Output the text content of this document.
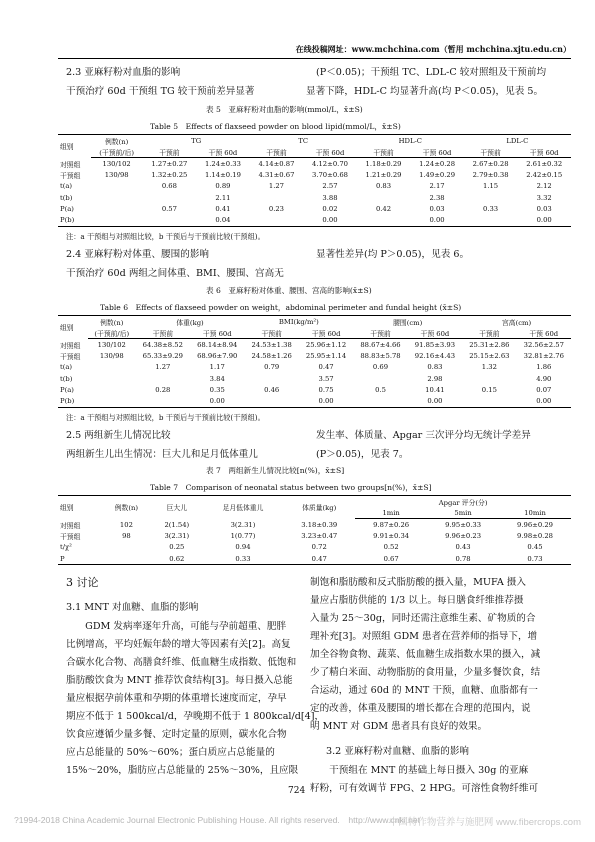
在线投稿网址：www.mchchina.com（暂用 mchchina.xjtu.edu.cn）
2.3 亚麻籽粉对血脂的影响
干预治疗 60d 干预组 TG 较干预前差异显著
(P＜0.05)；干预组 TC、LDL-C 较对照组及干预前均
显著下降，HDL-C 均显著升高(均 P＜0.05)，见表 5。
表 5　亚麻籽粉对血脂的影响(mmol/L，x̄±S)
Table 5　Effects of flaxseed powder on blood lipid(mmol/L，x̄±S)
组别	例数(n)	TG		TC		HDL-C		LDL-C	
	(干预前/后)	干预前	干预 60d	干预前	干预 60d	干预前	干预 60d	干预前	干预 60d
对照组	130/102	1.27±0.27	1.24±0.33	4.14±0.87	4.12±0.70	1.18±0.29	1.24±0.28	2.67±0.28	2.61±0.32
干预组	130/98	1.32±0.25	1.14±0.19	4.31±0.67	3.70±0.68	1.21±0.29	1.49±0.29	2.79±0.38	2.42±0.15
t(a)		0.68	0.89	1.27	2.57	0.83	2.17	1.15	2.12
t(b)			2.11		3.88		2.38		3.32
P(a)		0.57	0.41	0.23	0.02	0.42	0.03	0.33	0.03
P(b)			0.04		0.00		0.00		0.00
注：a 干预组与对照组比较，b 干预后与干预前比较(干预组)。
2.4 亚麻籽粉对体重、腰围的影响
干预治疗 60d 两组之间体重、BMI、腰围、宫高无
显著性差异(均 P＞0.05)，见表 6。
表 6　亚麻籽粉对体重、腰围、宫高的影响(x̄±S)
Table 6　Effects of flaxseed powder on weight，abdominal perimeter and fundal height (x̄±S)
组别	例数(n)	体重(kg)		BMI(kg/m²)		腰围(cm)		宫高(cm)	
	(干预前/后)	干预前	干预 60d	干预前	干预 60d	干预前	干预 60d	干预前	干预 60d
对照组	130/102	64.38±8.52	68.14±8.94	24.53±1.38	25.96±1.12	88.67±4.66	91.85±3.93	25.31±2.86	32.56±2.57
干预组	130/98	65.33±9.29	68.96±7.90	24.58±1.26	25.95±1.14	88.83±5.78	92.16±4.43	25.15±2.63	32.81±2.76
t(a)		1.27	1.17	0.79	0.47	0.69	0.83	1.32	1.86
t(b)			3.84		3.57		2.98		4.90
P(a)		0.28	0.35	0.46	0.75	0.5	10.41	0.15	0.07
P(b)			0.00		0.00		0.00		0.00
注：a 干预组与对照组比较，b 干预后与干预前比较(干预组)。
2.5 两组新生儿情况比较
两组新生儿出生情况：巨大儿和足月低体重儿
发生率、体质量、Apgar 三次评分均无统计学差异
(P＞0.05)，见表 7。
表 7　两组新生儿情况比较[n(%)，x̄±S]
Table 7　Comparison of neonatal status between two groups[n(%)，x̄±S]
组别	例数(n)	巨大儿	足月低体重儿	体质量(kg)	Apgar 评分(分)		
					1min	5min	10min
对照组	102	2(1.54)	3(2.31)	3.18±0.39	9.87±0.26	9.95±0.33	9.96±0.29
干预组	98	3(2.31)	1(0.77)	3.23±0.47	9.91±0.34	9.96±0.23	9.98±0.28
t/χ²		0.25	0.94	0.72	0.52	0.43	0.45
P		0.62	0.33	0.47	0.67	0.78	0.73
3 讨论
3.1 MNT 对血糖、血脂的影响
　　GDM 发病率逐年升高，可能与孕前超重、肥胖
比例增高，平均妊娠年龄的增大等因素有关[2]。高复
合碳水化合物、高膳食纤维、低血糖生成指数、低饱和
脂肪酸饮食为 MNT 推荐饮食结构[3]。每日摄入总能
量应根据孕前体重和孕期的体重增长速度而定，孕早
期应不低于 1 500kcal/d，孕晚期不低于 1 800kcal/d[4]，
饮食应遵循少量多餐、定时定量的原则，碳水化合物
应占总能量的 50%～60%；蛋白质应占总能量的
15%～20%，脂肪应占总能量的 25%～30%，且应限
制饱和脂肪酸和反式脂肪酸的摄入量，MUFA 摄入
量应占脂肪供能的 1/3 以上。每日膳食纤维推荐摄
入量为 25～30g，同时还需注意维生素、矿物质的合
理补充[3]。对照组 GDM 患者在营养师的指导下，增
加全谷物食物、蔬菜、低血糖生成指数水果的摄入，减
少了精白米面、动物脂肪的食用量，少量多餐饮食，结
合运动，通过 60d 的 MNT 干预，血糖、血脂都有一
定的改善，体重及腰围的增长都在合理的范围内，说
明 MNT 对 GDM 患者具有良好的效果。
3.2 亚麻籽粉对血糖、血脂的影响
　　干预组在 MNT 的基础上每日摄入 30g 的亚麻
籽粉，可有效调节 FPG、2 HPG。可溶性食物纤维可
724
?1994-2018 China Academic Journal Electronic Publishing House. All rights reserved.　http://www.cnki.net
中国特作物营养与施肥网 www.fibercrops.com
